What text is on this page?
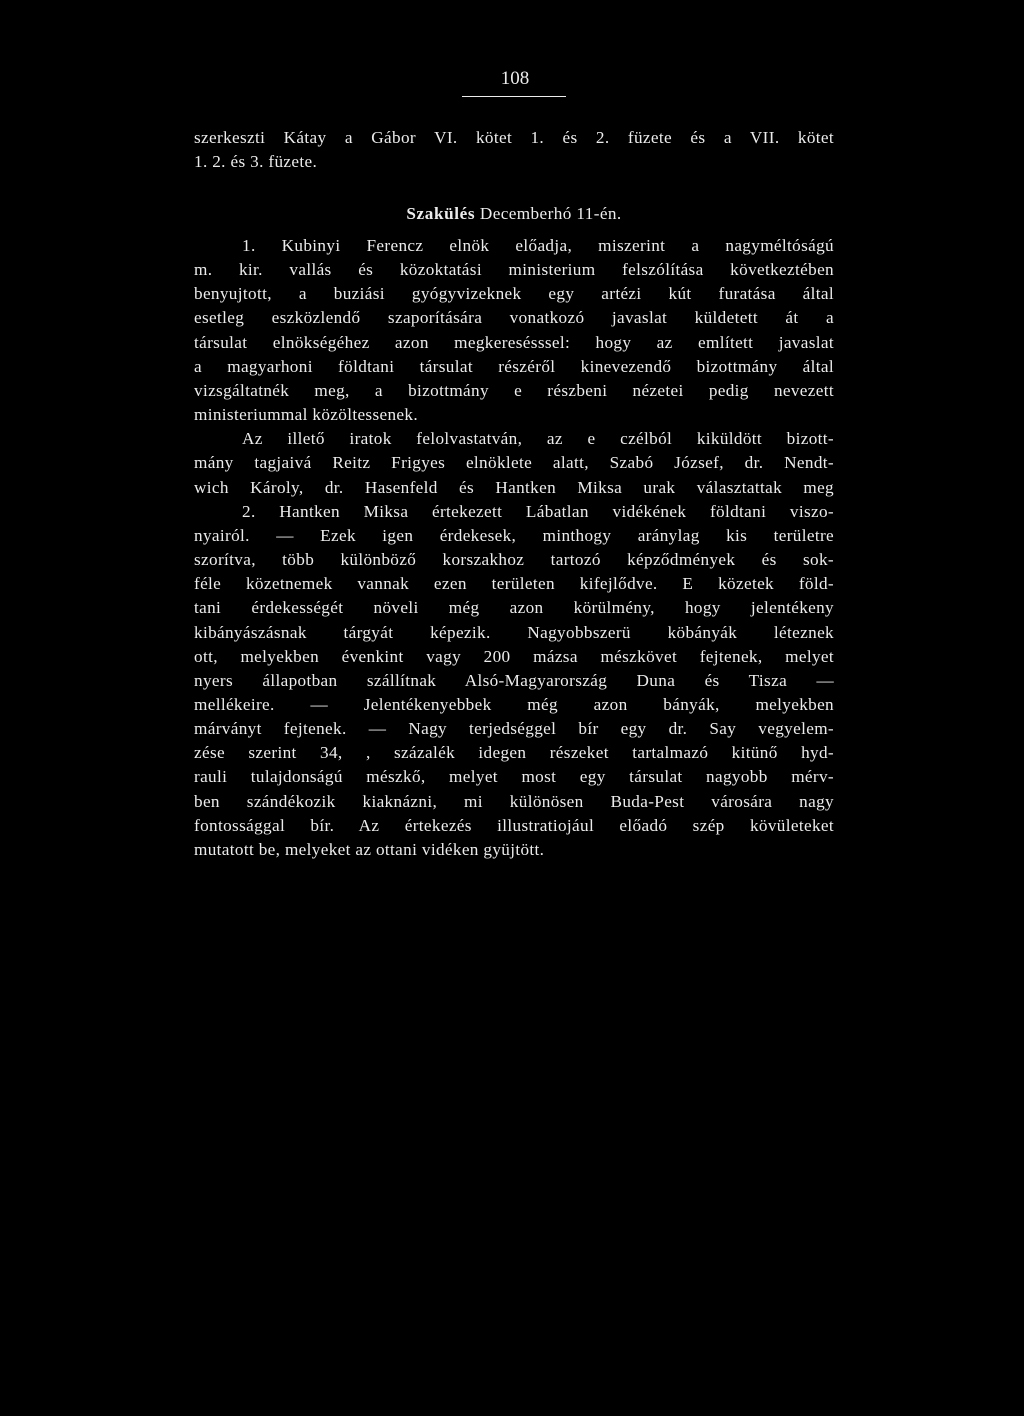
108
szerkeszti Kátay a Gábor VI. kötet 1. és 2. füzete és a VII. kötet
1. 2. és 3. füzete.
Szakülés Decemberhó 11-én.
1. Kubinyi Ferencz elnök előadja, miszerint a nagyméltóságú
m. kir. vallás és közoktatási ministerium felszólítása következtében
benyujtott, a buziási gyógyvizeknek egy artézi kút furatása által
esetleg eszközlendő szaporítására vonatkozó javaslat küldetett át a
társulat elnökségéhez azon megkeresésssel: hogy az említett javaslat
a magyarhoni földtani társulat részéről kinevezendő bizottmány által
vizsgáltatnék meg, a bizottmány e részbeni nézetei pedig nevezett
ministeriummal közöltessenek.
Az illető iratok felolvastatván, az e czélból kiküldött bizott-
mány tagjaivá Reitz Frigyes elnöklete alatt, Szabó József, dr. Nendt-
wich Károly, dr. Hasenfeld és Hantken Miksa urak választattak meg
2. Hantken Miksa értekezett Lábatlan vidékének földtani viszo-
nyairól. — Ezek igen érdekesek, minthogy aránylag kis területre
szorítva, több különböző korszakhoz tartozó képződmények és sok-
féle közetnemek vannak ezen területen kifejlődve. E közetek föld-
tani érdekességét növeli még azon körülmény, hogy jelentékeny
kibányászásnak tárgyát képezik. Nagyobbszerü köbányák léteznek
ott, melyekben évenkint vagy 200 mázsa mészkövet fejtenek, melyet
nyers állapotban szállítnak Alsó-Magyarország Duna és Tisza —
mellékeire. — Jelentékenyebbek még azon bányák, melyekben
márványt fejtenek. — Nagy terjedséggel bír egy dr. Say vegyelem-
zése szerint 34, , százalék idegen részeket tartalmazó kitünő hyd-
rauli tulajdonságú mészkő, melyet most egy társulat nagyobb mérv-
ben szándékozik kiaknázni, mi különösen Buda-Pest városára nagy
fontossággal bír. Az értekezés illustratiojául előadó szép kövületeket
mutatott be, melyeket az ottani vidéken gyüjtött.
